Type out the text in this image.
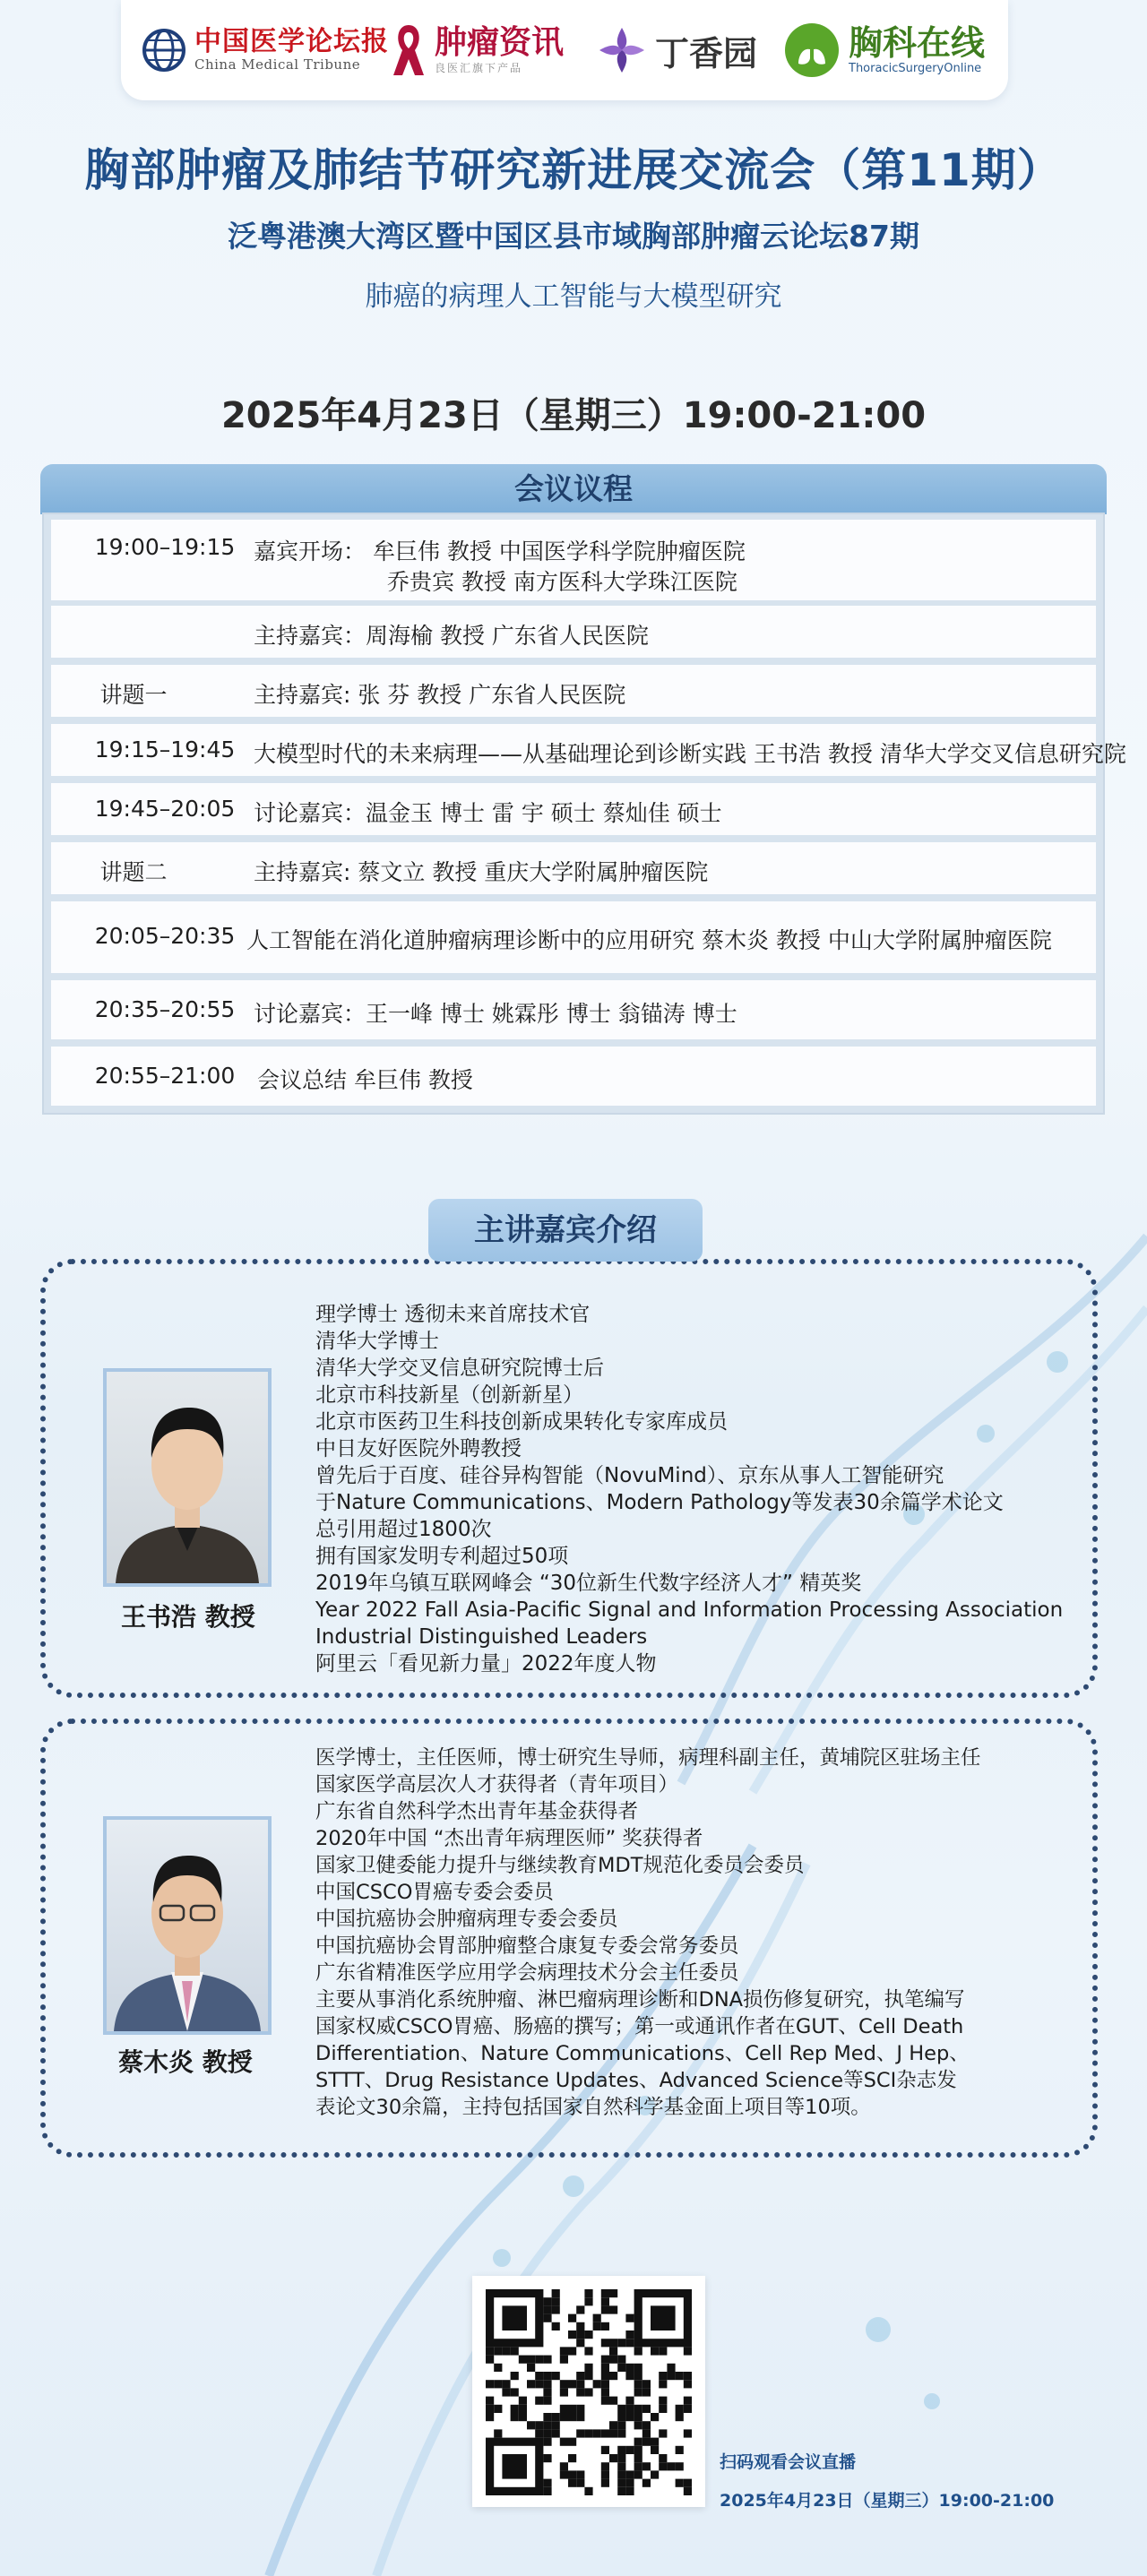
中国医学论坛报
China Medical Tribune
肿瘤资讯
良医汇旗下产品	丁香园	胸科在线
ThoracicSurgeryOnline
胸部肿瘤及肺结节研究新进展交流会（第11期）
泛粤港澳大湾区暨中国区县市域胸部肿瘤云论坛87期
肺癌的病理人工智能与大模型研究
2025年4月23日（星期三）19:00-21:00
会议议程
19:00–19:15 嘉宾开场： 牟巨伟 教授 中国医学科学院肿瘤医院
乔贵宾 教授 南方医科大学珠江医院
主持嘉宾：周海榆 教授 广东省人民医院
讲题一	主持嘉宾: 张 芬 教授 广东省人民医院
19:15–19:45 大模型时代的未来病理——从基础理论到诊断实践 王书浩 教授 清华大学交叉信息研究院
19:45–20:05 讨论嘉宾：温金玉 博士 雷 宇 硕士 蔡灿佳 硕士
讲题二	主持嘉宾: 蔡文立 教授 重庆大学附属肿瘤医院
20:05–20:35 人工智能在消化道肿瘤病理诊断中的应用研究 蔡木炎 教授 中山大学附属肿瘤医院
20:35–20:55 讨论嘉宾：王一峰 博士 姚霖彤 博士 翁锚涛 博士
20:55–21:00 会议总结 牟巨伟 教授
主讲嘉宾介绍
王书浩 教授
理学博士 透彻未来首席技术官
清华大学博士
清华大学交叉信息研究院博士后
北京市科技新星（创新新星）
北京市医药卫生科技创新成果转化专家库成员
中日友好医院外聘教授
曾先后于百度、硅谷异构智能（NovuMind）、京东从事人工智能研究
于Nature Communications、Modern Pathology等发表30余篇学术论文
总引用超过1800次
拥有国家发明专利超过50项
2019年乌镇互联网峰会 “30位新生代数字经济人才” 精英奖
Year 2022 Fall Asia-Pacific Signal and Information Processing Association
Industrial Distinguished Leaders
阿里云「看见新力量」2022年度人物
蔡木炎 教授
医学博士，主任医师，博士研究生导师，病理科副主任，黄埔院区驻场主任
国家医学高层次人才获得者（青年项目）
广东省自然科学杰出青年基金获得者
2020年中国 “杰出青年病理医师” 奖获得者
国家卫健委能力提升与继续教育MDT规范化委员会委员
中国CSCO胃癌专委会委员
中国抗癌协会肿瘤病理专委会委员
中国抗癌协会胃部肿瘤整合康复专委会常务委员
广东省精准医学应用学会病理技术分会主任委员
主要从事消化系统肿瘤、淋巴瘤病理诊断和DNA损伤修复研究，执笔编写
国家权威CSCO胃癌、肠癌的撰写；第一或通讯作者在GUT、Cell Death
Differentiation、Nature Communications、Cell Rep Med、J Hep、
STTT、Drug Resistance Updates、Advanced Science等SCI杂志发
表论文30余篇，主持包括国家自然科学基金面上项目等10项。
扫码观看会议直播
2025年4月23日（星期三）19:00-21:00
